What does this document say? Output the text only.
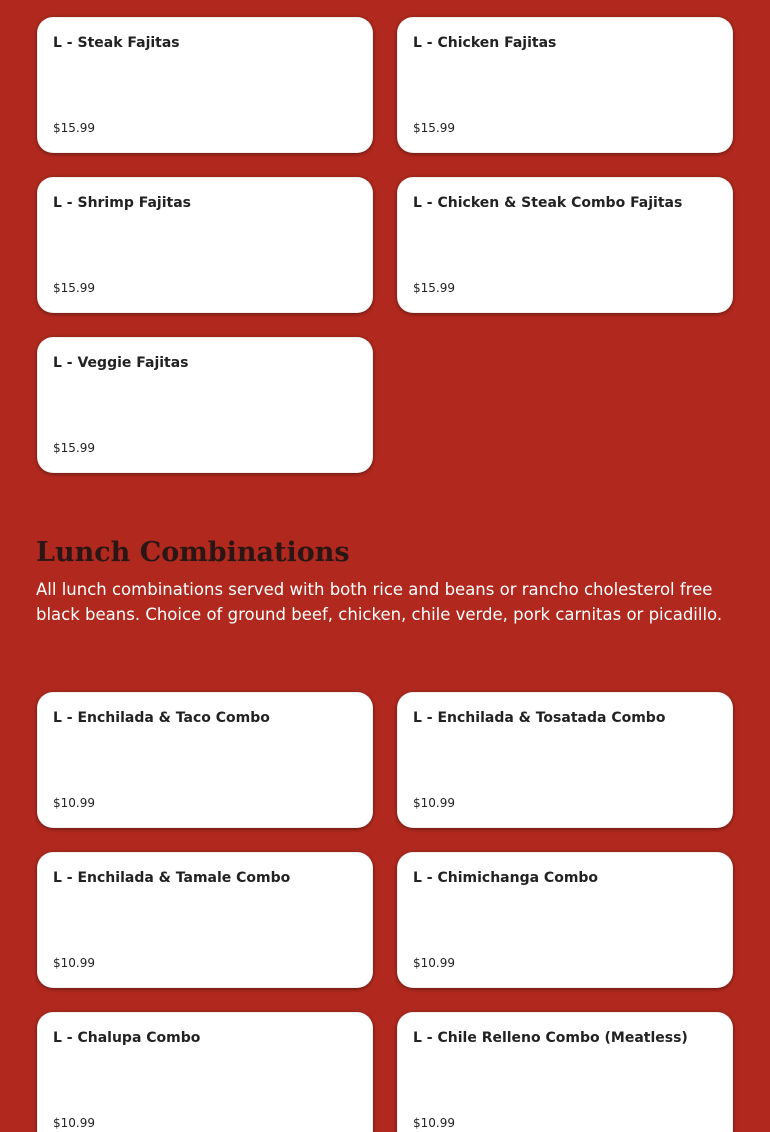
L - Steak Fajitas
$15.99
L - Chicken Fajitas
$15.99
L - Shrimp Fajitas
$15.99
L - Chicken & Steak Combo Fajitas
$15.99
L - Veggie Fajitas
$15.99
Lunch Combinations

All lunch combinations served with both rice and beans or rancho cholesterol free black beans. Choice of ground beef, chicken, chile verde, pork carnitas or picadillo.

L - Enchilada & Taco Combo
$10.99
L - Enchilada & Tosatada Combo
$10.99
L - Enchilada & Tamale Combo
$10.99
L - Chimichanga Combo
$10.99
L - Chalupa Combo
$10.99
L - Chile Relleno Combo (Meatless)
$10.99
